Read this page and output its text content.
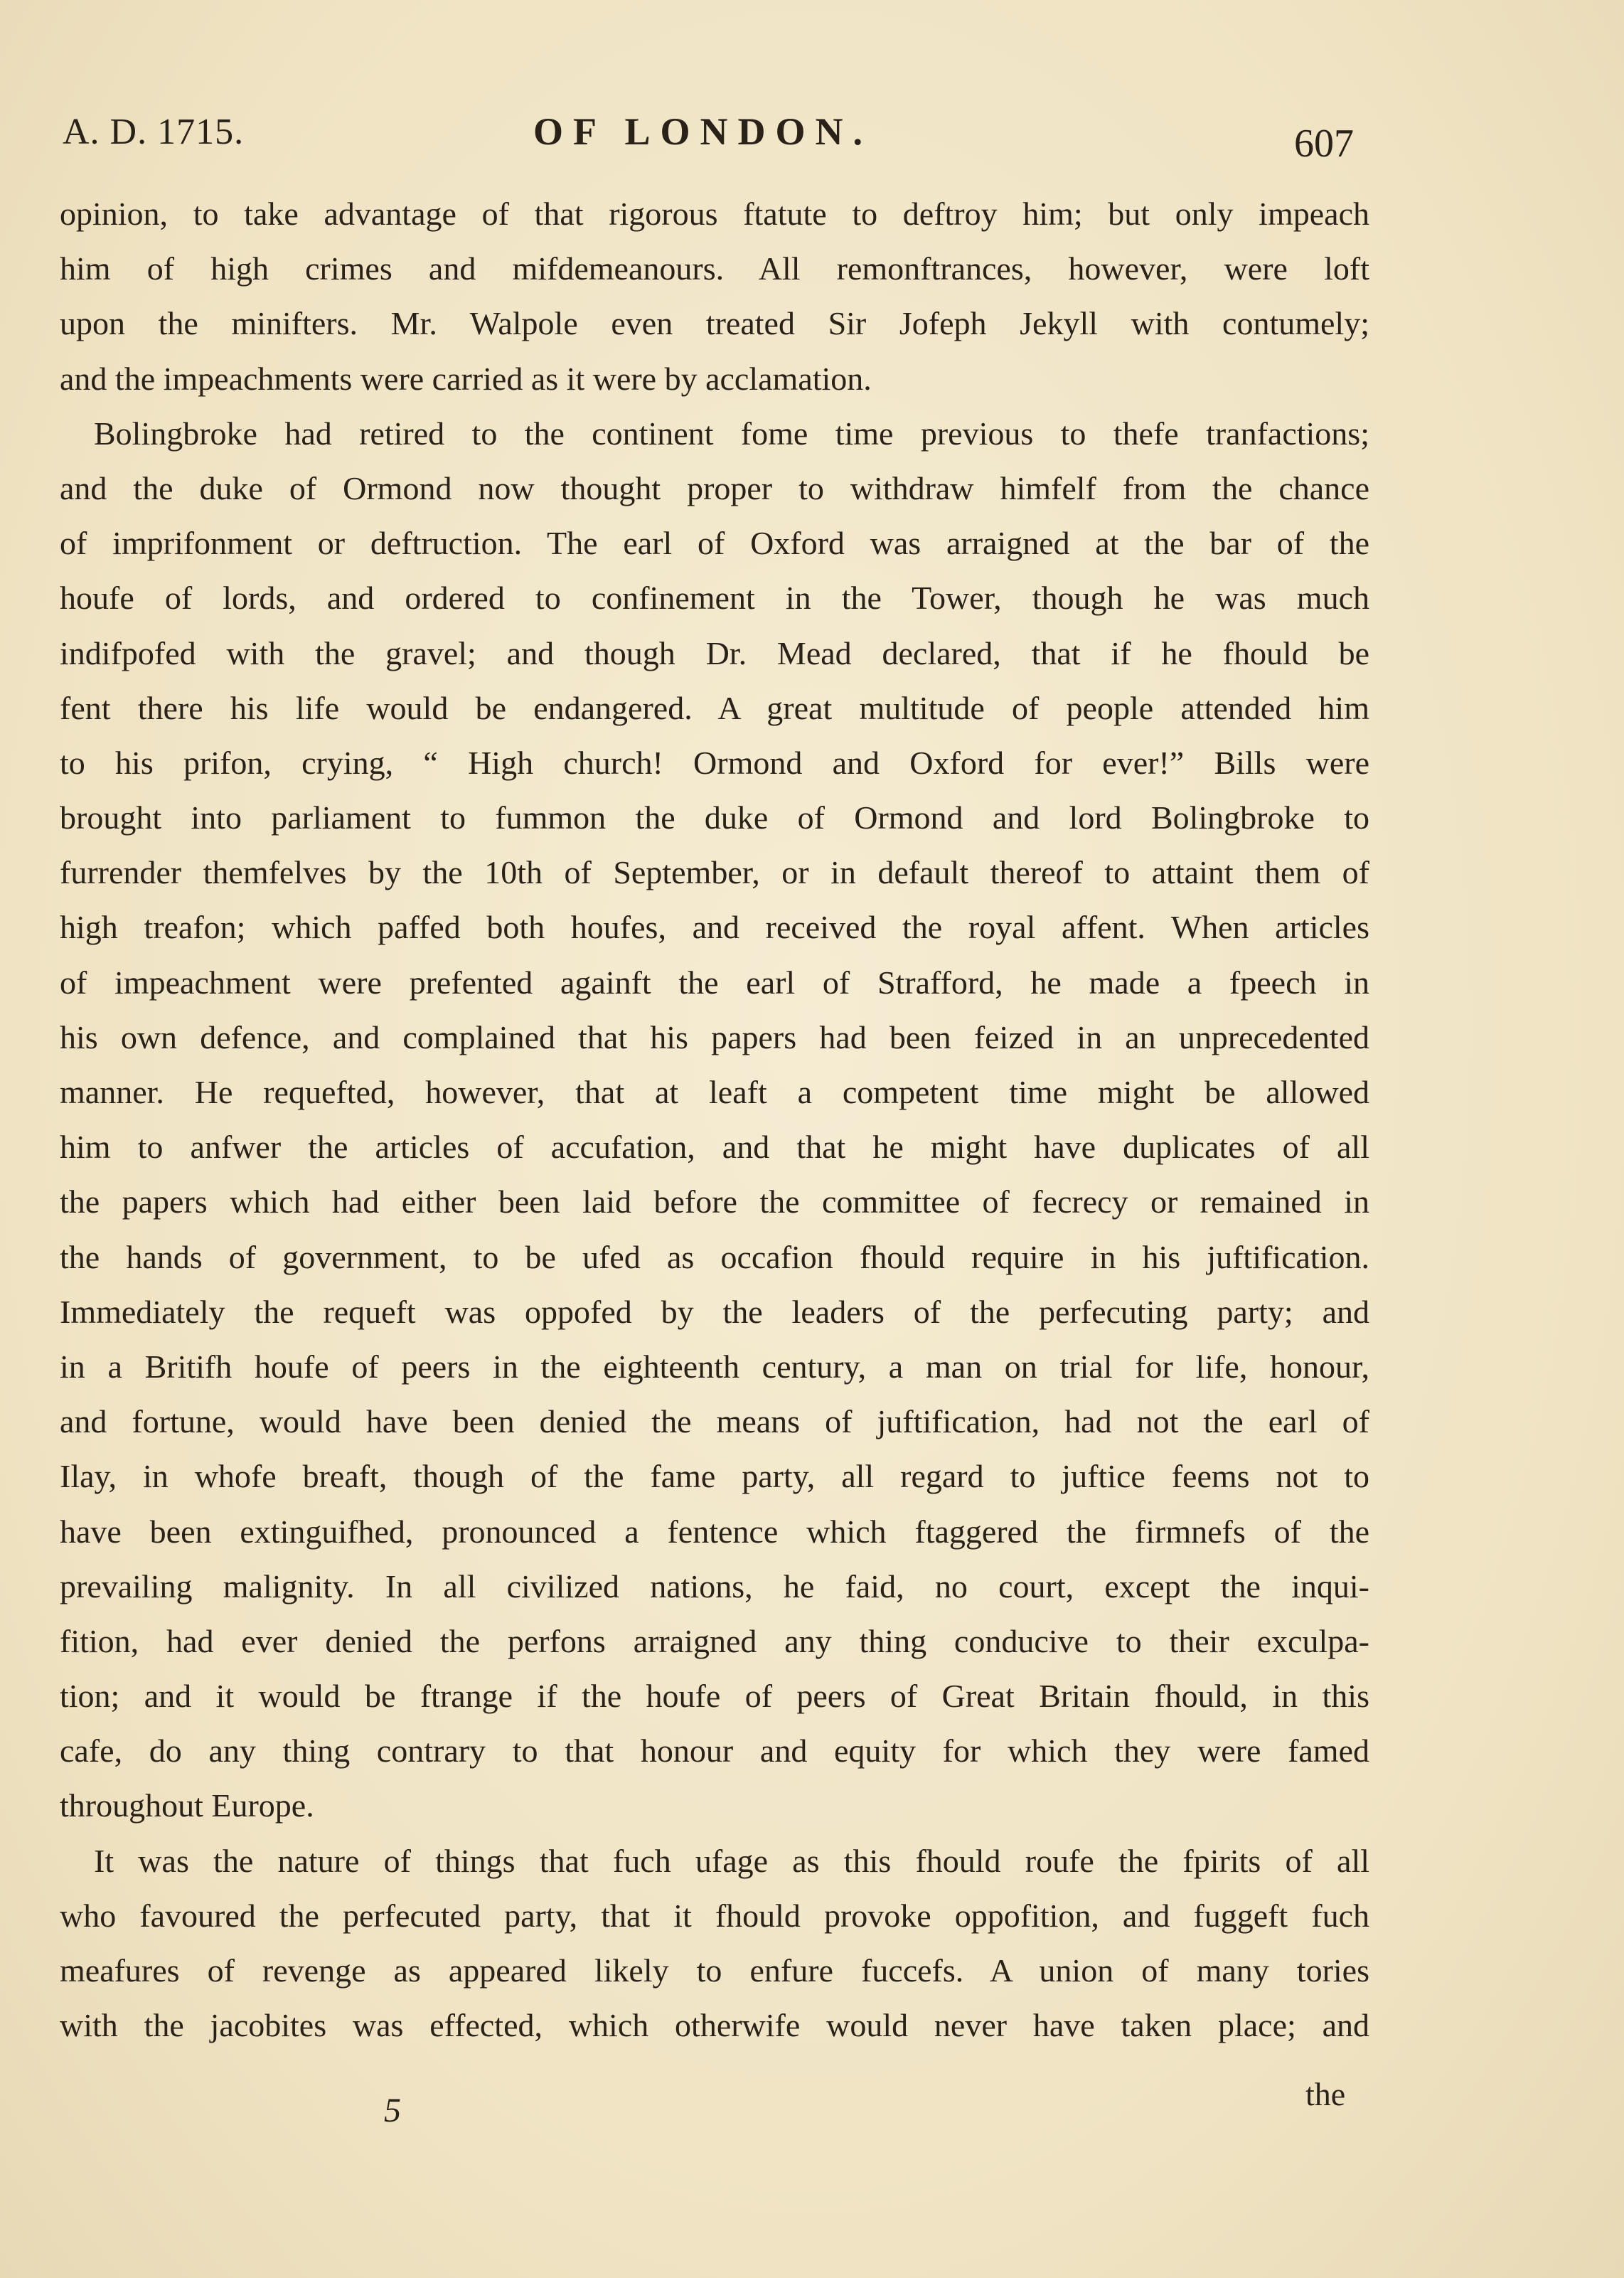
A. D. 1715.	OF LONDON.	607
opinion, to take advantage of that rigorous ftatute to deftroy him; but only impeach
him of high crimes and mifdemeanours. All remonftrances, however, were loft
upon the minifters. Mr. Walpole even treated Sir Jofeph Jekyll with contumely;
and the impeachments were carried as it were by acclamation.
Bolingbroke had retired to the continent fome time previous to thefe tranfactions;
and the duke of Ormond now thought proper to withdraw himfelf from the chance
of imprifonment or deftruction. The earl of Oxford was arraigned at the bar of the
houfe of lords, and ordered to confinement in the Tower, though he was much
indifpofed with the gravel; and though Dr. Mead declared, that if he fhould be
fent there his life would be endangered. A great multitude of people attended him
to his prifon, crying, “ High church! Ormond and Oxford for ever!” Bills were
brought into parliament to fummon the duke of Ormond and lord Bolingbroke to
furrender themfelves by the 10th of September, or in default thereof to attaint them of
high treafon; which paffed both houfes, and received the royal affent. When articles
of impeachment were prefented againft the earl of Strafford, he made a fpeech in
his own defence, and complained that his papers had been feized in an unprecedented
manner. He requefted, however, that at leaft a competent time might be allowed
him to anfwer the articles of accufation, and that he might have duplicates of all
the papers which had either been laid before the committee of fecrecy or remained in
the hands of government, to be ufed as occafion fhould require in his juftification.
Immediately the requeft was oppofed by the leaders of the perfecuting party; and
in a Britifh houfe of peers in the eighteenth century, a man on trial for life, honour,
and fortune, would have been denied the means of juftification, had not the earl of
Ilay, in whofe breaft, though of the fame party, all regard to juftice feems not to
have been extinguifhed, pronounced a fentence which ftaggered the firmnefs of the
prevailing malignity. In all civilized nations, he faid, no court, except the inqui-
fition, had ever denied the perfons arraigned any thing conducive to their exculpa-
tion; and it would be ftrange if the houfe of peers of Great Britain fhould, in this
cafe, do any thing contrary to that honour and equity for which they were famed
throughout Europe.
It was the nature of things that fuch ufage as this fhould roufe the fpirits of all
who favoured the perfecuted party, that it fhould provoke oppofition, and fuggeft fuch
meafures of revenge as appeared likely to enfure fuccefs. A union of many tories
with the jacobites was effected, which otherwife would never have taken place; and
5	the
